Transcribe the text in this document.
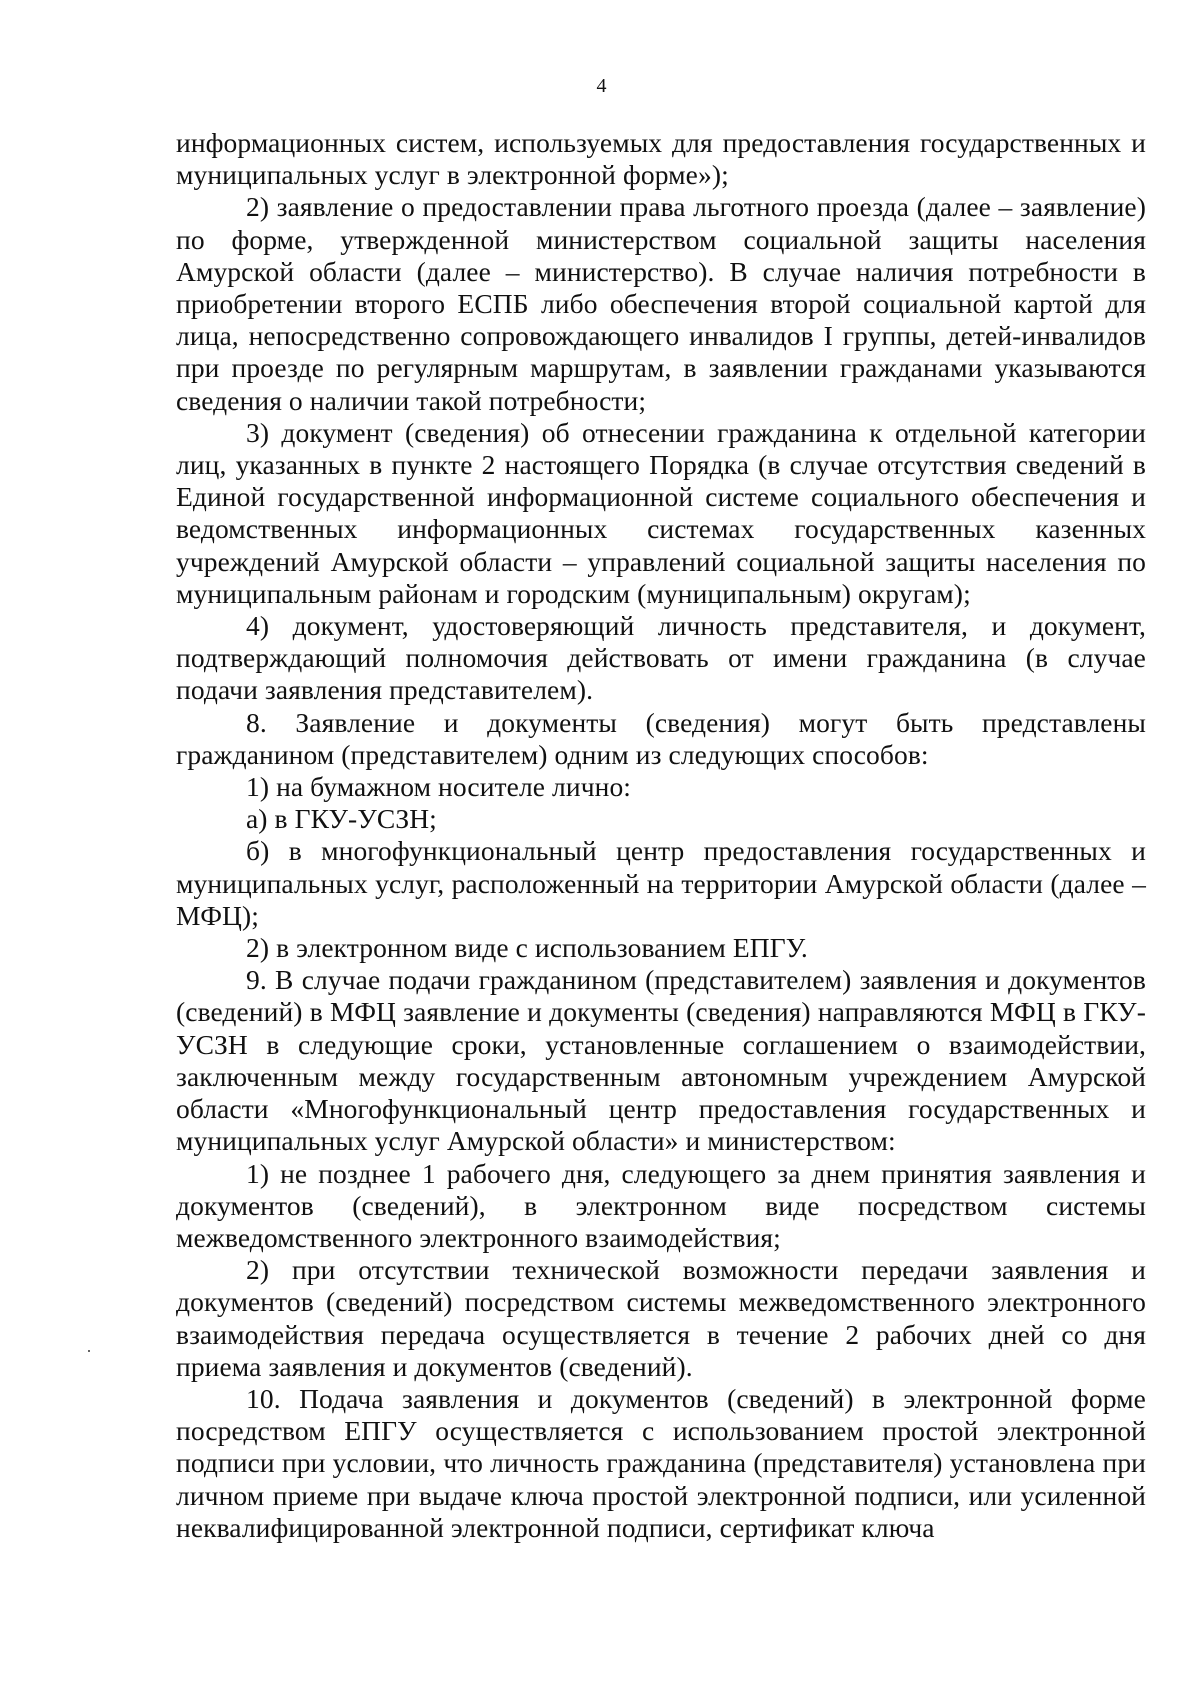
4

информационных систем, используемых для предоставления государственных и муниципальных услуг в электронной форме»);

2) заявление о предоставлении права льготного проезда (далее – заявление) по форме, утвержденной министерством социальной защиты населения Амурской области (далее – министерство). В случае наличия потребности в приобретении второго ЕСПБ либо обеспечения второй социальной картой для лица, непосредственно сопровождающего инвалидов I группы, детей-инвалидов при проезде по регулярным маршрутам, в заявлении гражданами указываются сведения о наличии такой потребности;

3) документ (сведения) об отнесении гражданина к отдельной категории лиц, указанных в пункте 2 настоящего Порядка (в случае отсутствия сведений в Единой государственной информационной системе социального обеспечения и ведомственных информационных системах государственных казенных учреждений Амурской области – управлений социальной защиты населения по муниципальным районам и городским (муниципальным) округам);

4) документ, удостоверяющий личность представителя, и документ, подтверждающий полномочия действовать от имени гражданина (в случае подачи заявления представителем).

8. Заявление и документы (сведения) могут быть представлены гражданином (представителем) одним из следующих способов:

1) на бумажном носителе лично:

а) в ГКУ-УСЗН;

б) в многофункциональный центр предоставления государственных и муниципальных услуг, расположенный на территории Амурской области (далее – МФЦ);

2) в электронном виде с использованием ЕПГУ.

9. В случае подачи гражданином (представителем) заявления и документов (сведений) в МФЦ заявление и документы (сведения) направляются МФЦ в ГКУ-УСЗН в следующие сроки, установленные соглашением о взаимодействии, заключенным между государственным автономным учреждением Амурской области «Многофункциональный центр предоставления государственных и муниципальных услуг Амурской области» и министерством:

1) не позднее 1 рабочего дня, следующего за днем принятия заявления и документов (сведений), в электронном виде посредством системы межведомственного электронного взаимодействия;

2) при отсутствии технической возможности передачи заявления и документов (сведений) посредством системы межведомственного электронного взаимодействия передача осуществляется в течение 2 рабочих дней со дня приема заявления и документов (сведений).

10. Подача заявления и документов (сведений) в электронной форме посредством ЕПГУ осуществляется с использованием простой электронной подписи при условии, что личность гражданина (представителя) установлена при личном приеме при выдаче ключа простой электронной подписи, или усиленной неквалифицированной электронной подписи, сертификат ключа
